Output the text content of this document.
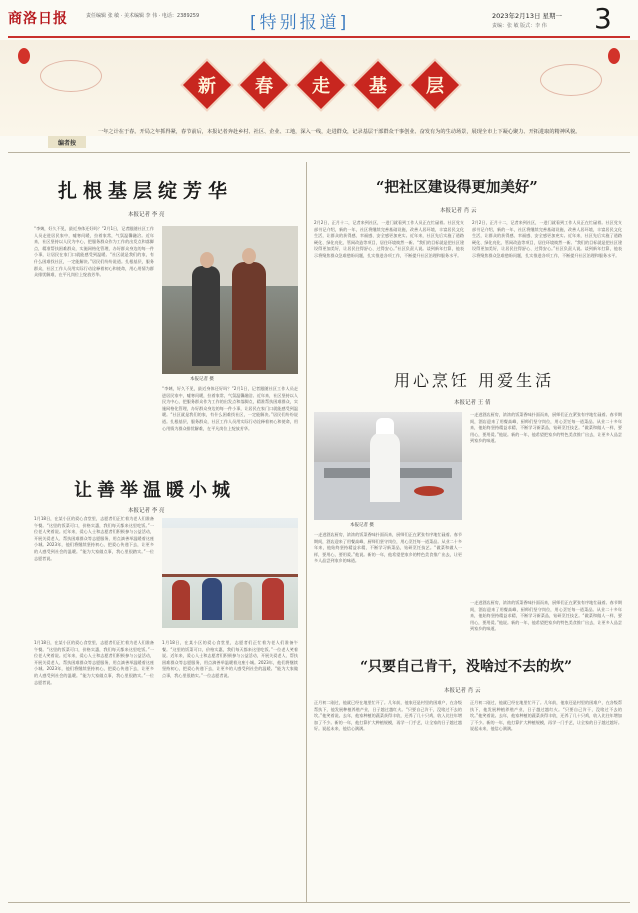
商洛日报	责任编辑 张 敏 · 美术编辑 李 伟 · 电话：2389259	[特别报道]	2023年2月13日 星期一
责编：张 敏 版式：李 伟 3
新	春	走	基	层
编者按
一年之计在于春。开局之年抓得紧，春节前后，本报记者奔赴乡村、社区、企业、工地，深入一线，走进群众，记录基层干部群众干事创业、奋发有为的生动场景，展现全市上下凝心聚力、开拓进取的精神风貌。
扎根基层绽芳华
本报记者 李 亮
“李姨，好久不见，最近身体还好吗？”2月1日，记者跟随社区工作人员走进居民家中，嘘寒问暖，拉着家常，气氛温馨融洽。近年来，社区坚持以人民为中心，把服务群众作为工作的出发点和落脚点，精准帮扶困难群众，实施网格化管理，办好群众身边的每一件小事，让居民在家门口就能感受到温暖。“社区就是我们的家，有什么困难找社区，一定能解决。”居民们纷纷说道。扎根基层，服务群众，社区工作人员用实际行动诠释着初心和使命，用心用情为群众排忧解难，在平凡岗位上绽放芳华。
本报记者 摄
“李姨，好久不见，最近身体还好吗？”2月1日，记者跟随社区工作人员走进居民家中，嘘寒问暖，拉着家常，气氛温馨融洽。近年来，社区坚持以人民为中心，把服务群众作为工作的出发点和落脚点，精准帮扶困难群众，实施网格化管理，办好群众身边的每一件小事，让居民在家门口就能感受到温暖。“社区就是我们的家，有什么困难找社区，一定能解决。”居民们纷纷说道。扎根基层，服务群众，社区工作人员用实际行动诠释着初心和使命，用心用情为群众排忧解难，在平凡岗位上绽放芳华。
让善举温暖小城
本报记者 李 亮
1月18日，在某小区的爱心食堂里，志愿者们正忙着为老人们准备午餐。“这里的饭菜可口，价格实惠，我们每天都来这里吃饭。”一位老人笑着说。近年来，爱心人士和志愿者们积极参与公益活动，开展关爱老人、帮扶困难群众等志愿服务，用点滴善举温暖着这座小城。2023年，他们将继续坚持初心，把爱心传递下去，让更多的人感受到社会的温暖。“能为大家做点事，我心里很踏实。”一位志愿者说。
1月18日，在某小区的爱心食堂里，志愿者们正忙着为老人们准备午餐。“这里的饭菜可口，价格实惠，我们每天都来这里吃饭。”一位老人笑着说。近年来，爱心人士和志愿者们积极参与公益活动，开展关爱老人、帮扶困难群众等志愿服务，用点滴善举温暖着这座小城。2023年，他们将继续坚持初心，把爱心传递下去，让更多的人感受到社会的温暖。“能为大家做点事，我心里很踏实。”一位志愿者说。
1月18日，在某小区的爱心食堂里，志愿者们正忙着为老人们准备午餐。“这里的饭菜可口，价格实惠，我们每天都来这里吃饭。”一位老人笑着说。近年来，爱心人士和志愿者们积极参与公益活动，开展关爱老人、帮扶困难群众等志愿服务，用点滴善举温暖着这座小城。2023年，他们将继续坚持初心，把爱心传递下去，让更多的人感受到社会的温暖。“能为大家做点事，我心里很踏实。”一位志愿者说。
“把社区建设得更加美好”
本报记者 肖 云
2月2日，正月十二，记者来到社区，一进门就看到工作人员正在忙碌着。社区党支部书记介绍，新的一年，社区将继续完善基础设施，改善人居环境，丰富居民文化生活，让群众的获得感、幸福感、安全感更加充实。近年来，社区先后实施了道路硬化、绿化亮化、管网改造等项目，居住环境焕然一新。“我们的目标就是把社区建设得更加美好，让居民住得舒心、过得安心。”社区负责人说。谈到新年打算，他表示将聚焦群众急难愁盼问题，扎实推进各项工作，不断提升社区治理和服务水平。
2月2日，正月十二，记者来到社区，一进门就看到工作人员正在忙碌着。社区党支部书记介绍，新的一年，社区将继续完善基础设施，改善人居环境，丰富居民文化生活，让群众的获得感、幸福感、安全感更加充实。近年来，社区先后实施了道路硬化、绿化亮化、管网改造等项目，居住环境焕然一新。“我们的目标就是把社区建设得更加美好，让居民住得舒心、过得安心。”社区负责人说。谈到新年打算，他表示将聚焦群众急难愁盼问题，扎实推进各项工作，不断提升社区治理和服务水平。
用心烹饪 用爱生活
本报记者 王 倩
本报记者 摄
一走进酒店厨房，浓浓的饭菜香味扑面而来，厨师们正在紧张有序地忙碌着。春节期间，酒店迎来了用餐高峰，厨师们坚守岗位，用心烹饪每一道菜品。从业二十多年来，他始终坚持精益求精，不断学习新菜品，钻研烹饪技艺。“做菜和做人一样，要用心，要用爱。”他说。新的一年，他希望把家乡的特色美食推广出去，让更多人品尝到家乡的味道。
一走进酒店厨房，浓浓的饭菜香味扑面而来，厨师们正在紧张有序地忙碌着。春节期间，酒店迎来了用餐高峰，厨师们坚守岗位，用心烹饪每一道菜品。从业二十多年来，他始终坚持精益求精，不断学习新菜品，钻研烹饪技艺。“做菜和做人一样，要用心，要用爱。”他说。新的一年，他希望把家乡的特色美食推广出去，让更多人品尝到家乡的味道。
一走进酒店厨房，浓浓的饭菜香味扑面而来，厨师们正在紧张有序地忙碌着。春节期间，酒店迎来了用餐高峰，厨师们坚守岗位，用心烹饪每一道菜品。从业二十多年来，他始终坚持精益求精，不断学习新菜品，钻研烹饪技艺。“做菜和做人一样，要用心，要用爱。”他说。新的一年，他希望把家乡的特色美食推广出去，让更多人品尝到家乡的味道。
“只要自己肯干，没啥过不去的坎”
本报记者 肖 云
正月初二刚过，他就已经在地里忙开了。几年前，他家还是村里的困难户，在各级帮扶下，他发展种植养殖产业，日子越过越红火。“只要自己肯干，没啥过不去的坎。”他笑着说。去年，他家种植的蔬菜获得丰收，还养了几十只鸡，收入比往年增加了不少。新的一年，他打算扩大种植规模，再学一门手艺，让全家的日子越过越好。说起未来，他信心满满。
正月初二刚过，他就已经在地里忙开了。几年前，他家还是村里的困难户，在各级帮扶下，他发展种植养殖产业，日子越过越红火。“只要自己肯干，没啥过不去的坎。”他笑着说。去年，他家种植的蔬菜获得丰收，还养了几十只鸡，收入比往年增加了不少。新的一年，他打算扩大种植规模，再学一门手艺，让全家的日子越过越好。说起未来，他信心满满。
